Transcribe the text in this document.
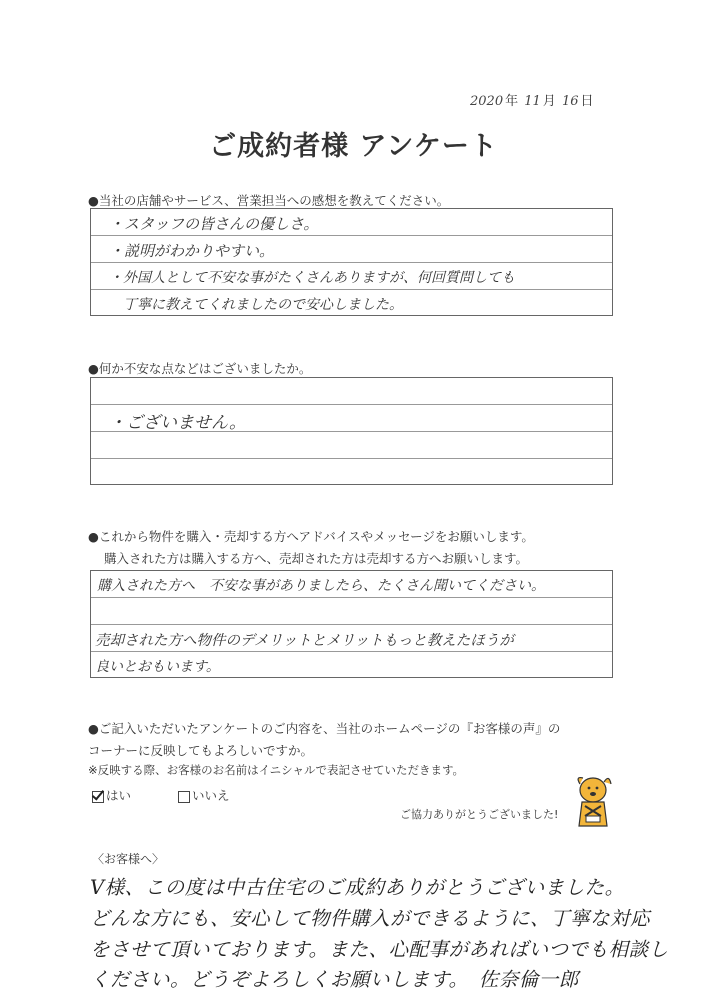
2020 年 11 月 16 日
ご成約者様 アンケート
●当社の店舗やサービス、営業担当への感想を教えてください。
・スタッフの皆さんの優しさ。
・説明がわかりやすい。
・外国人として不安な事がたくさんありますが、何回質問しても
丁寧に教えてくれましたので安心しました。
●何か不安な点などはございましたか。
・ございません。
●これから物件を購入・売却する方へアドバイスやメッセージをお願いします。
購入された方は購入する方へ、売却された方は売却する方へお願いします。
購入された方へ　不安な事がありましたら、たくさん聞いてください。
売却された方へ物件のデメリットとメリットもっと教えたほうが
良いとおもいます。
●ご記入いただいたアンケートのご内容を、当社のホームページの『お客様の声』の
コーナーに反映してもよろしいですか。
※反映する際、お客様のお名前はイニシャルで表記させていただきます。
はい	いいえ
ご協力ありがとうございました!
〈お客様へ〉
V様、この度は中古住宅のご成約ありがとうございました。
どんな方にも、安心して物件購入ができるように、丁寧な対応
をさせて頂いております。また、心配事があればいつでも相談し
ください。どうぞよろしくお願いします。　佐奈倫一郎
